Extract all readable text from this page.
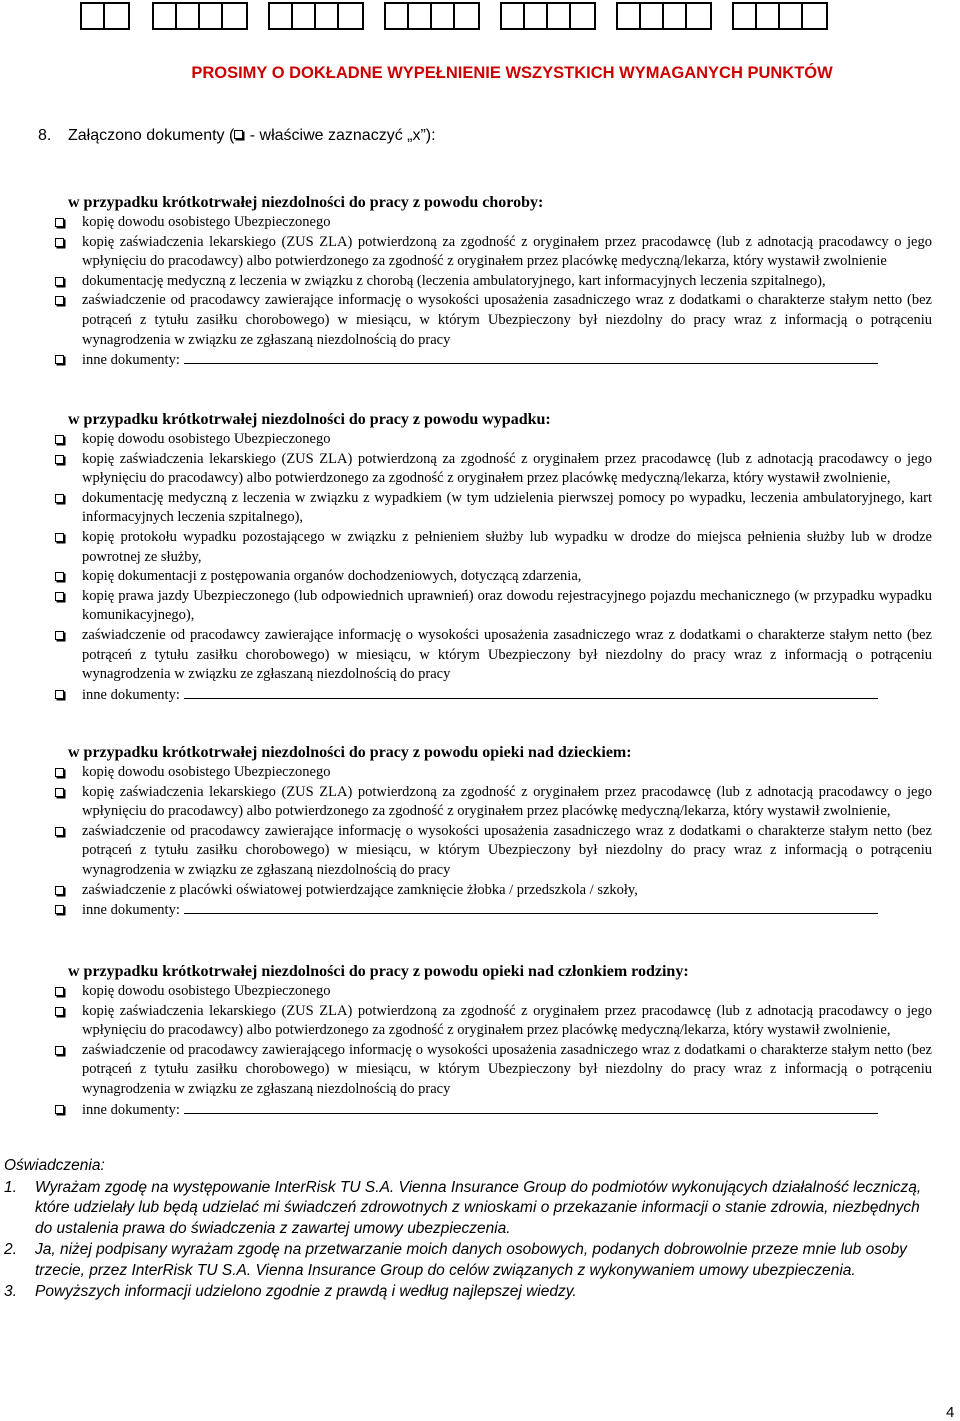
PROSIMY O DOKŁADNE WYPEŁNIENIE WSZYSTKICH WYMAGANYCH PUNKTÓW
8. Załączono dokumenty ( - właściwe zaznaczyć „x”):
w przypadku krótkotrwałej niezdolności do pracy z powodu choroby:
kopię dowodu osobistego Ubezpieczonego
kopię zaświadczenia lekarskiego (ZUS ZLA) potwierdzoną za zgodność z oryginałem przez pracodawcę (lub z adnotacją pracodawcy o jego wpłynięciu do pracodawcy) albo potwierdzonego za zgodność z oryginałem przez placówkę medyczną/lekarza, który wystawił zwolnienie
dokumentację medyczną z leczenia w związku z chorobą (leczenia ambulatoryjnego, kart informacyjnych leczenia szpitalnego),
zaświadczenie od pracodawcy zawierające informację o wysokości uposażenia zasadniczego wraz z dodatkami o charakterze stałym netto (bez potrąceń z tytułu zasiłku chorobowego) w miesiącu, w którym Ubezpieczony był niezdolny do pracy wraz z informacją o potrąceniu wynagrodzenia w związku ze zgłaszaną niezdolnością do pracy
inne dokumenty:
w przypadku krótkotrwałej niezdolności do pracy z powodu wypadku:
kopię dowodu osobistego Ubezpieczonego
kopię zaświadczenia lekarskiego (ZUS ZLA) potwierdzoną za zgodność z oryginałem przez pracodawcę (lub z adnotacją pracodawcy o jego wpłynięciu do pracodawcy) albo potwierdzonego za zgodność z oryginałem przez placówkę medyczną/lekarza, który wystawił zwolnienie,
dokumentację medyczną z leczenia w związku z wypadkiem (w tym udzielenia pierwszej pomocy po wypadku, leczenia ambulatoryjnego, kart informacyjnych leczenia szpitalnego),
kopię protokołu wypadku pozostającego w związku z pełnieniem służby lub wypadku w drodze do miejsca pełnienia służby lub w drodze powrotnej ze służby,
kopię dokumentacji z postępowania organów dochodzeniowych, dotyczącą zdarzenia,
kopię prawa jazdy Ubezpieczonego (lub odpowiednich uprawnień) oraz dowodu rejestracyjnego pojazdu mechanicznego (w przypadku wypadku komunikacyjnego),
zaświadczenie od pracodawcy zawierające informację o wysokości uposażenia zasadniczego wraz z dodatkami o charakterze stałym netto (bez potrąceń z tytułu zasiłku chorobowego) w miesiącu, w którym Ubezpieczony był niezdolny do pracy wraz z informacją o potrąceniu wynagrodzenia w związku ze zgłaszaną niezdolnością do pracy
inne dokumenty:
w przypadku krótkotrwałej niezdolności do pracy z powodu opieki nad dzieckiem:
kopię dowodu osobistego Ubezpieczonego
kopię zaświadczenia lekarskiego (ZUS ZLA) potwierdzoną za zgodność z oryginałem przez pracodawcę (lub z adnotacją pracodawcy o jego wpłynięciu do pracodawcy) albo potwierdzonego za zgodność z oryginałem przez placówkę medyczną/lekarza, który wystawił zwolnienie,
zaświadczenie od pracodawcy zawierające informację o wysokości uposażenia zasadniczego wraz z dodatkami o charakterze stałym netto (bez potrąceń z tytułu zasiłku chorobowego) w miesiącu, w którym Ubezpieczony był niezdolny do pracy wraz z informacją o potrąceniu wynagrodzenia w związku ze zgłaszaną niezdolnością do pracy
zaświadczenie z placówki oświatowej potwierdzające zamknięcie żłobka / przedszkola / szkoły,
inne dokumenty:
w przypadku krótkotrwałej niezdolności do pracy z powodu opieki nad członkiem rodziny:
kopię dowodu osobistego Ubezpieczonego
kopię zaświadczenia lekarskiego (ZUS ZLA) potwierdzoną za zgodność z oryginałem przez pracodawcę (lub z adnotacją pracodawcy o jego wpłynięciu do pracodawcy) albo potwierdzonego za zgodność z oryginałem przez placówkę medyczną/lekarza, który wystawił zwolnienie,
zaświadczenie od pracodawcy zawierającego informację o wysokości uposażenia zasadniczego wraz z dodatkami o charakterze stałym netto (bez potrąceń z tytułu zasiłku chorobowego) w miesiącu, w którym Ubezpieczony był niezdolny do pracy wraz z informacją o potrąceniu wynagrodzenia w związku ze zgłaszaną niezdolnością do pracy
inne dokumenty:
Oświadczenia:
1. Wyrażam zgodę na występowanie InterRisk TU S.A. Vienna Insurance Group do podmiotów wykonujących działalność leczniczą, które udzielały lub będą udzielać mi świadczeń zdrowotnych z wnioskami o przekazanie informacji o stanie zdrowia, niezbędnych do ustalenia prawa do świadczenia z zawartej umowy ubezpieczenia.
2. Ja, niżej podpisany wyrażam zgodę na przetwarzanie moich danych osobowych, podanych dobrowolnie przeze mnie lub osoby trzecie, przez InterRisk TU S.A. Vienna Insurance Group do celów związanych z wykonywaniem umowy ubezpieczenia.
3. Powyższych informacji udzielono zgodnie z prawdą i według najlepszej wiedzy.
4
